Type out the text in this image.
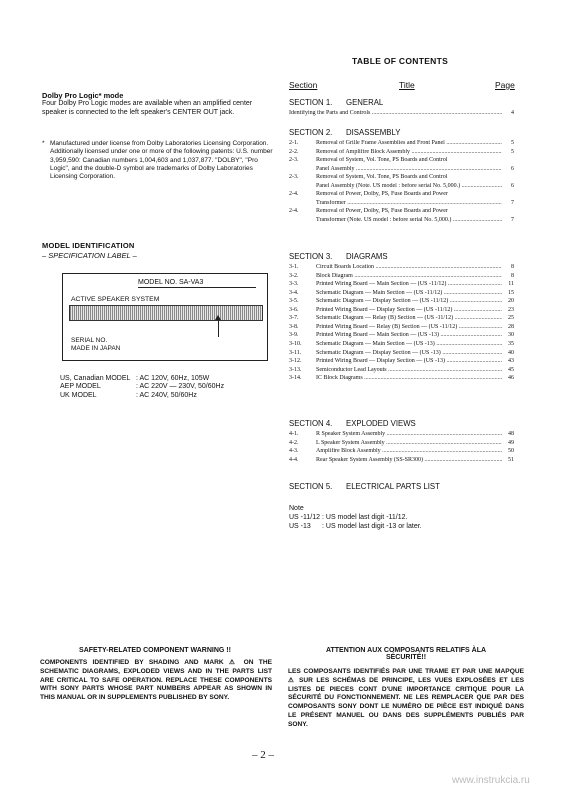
Dolby Pro Logic* mode
Four Dolby Pro Logic modes are available when an amplified center speaker is connected to the left speaker's CENTER OUT jack.
* Manufactured under license from Dolby Laboratories Licensing Corporation. Additionally licensed under one or more of the following patents: U.S. number 3,959,590: Canadian numbers 1,004,603 and 1,037,877. "DOLBY", "Pro Logic", and the double-D symbol are trademarks of Dolby Laboratories Licensing Corporation.
MODEL IDENTIFICATION
– SPECIFICATION LABEL –
MODEL NO. SA-VA3
ACTIVE SPEAKER SYSTEM
SERIAL NO.
MADE IN JAPAN
US, Canadian MODEL : AC 120V, 60Hz, 105W
AEP MODEL	: AC 220V — 230V, 50/60Hz
UK MODEL	: AC 240V, 50/60Hz
TABLE OF CONTENTS
Section	Title	Page
SECTION 1. GENERAL
Identifying the Parts and Controls .....	4
SECTION 2. DISASSEMBLY
2-1.	Removal of Grille Frame Assemblies and Front Panel .....	5
2-2.	Removal of Amplifire Block Assembly .....	5
2-3.	Removal of System, Vol. Tone, PS Boards and Control
Panel Assembly .....	6
2-3.	Removal of System, Vol. Tone, PS Boards and Control
Panel Assembly (Note. US model : before serial No. 5,000.) .....	6
2-4.	Removal of Power, Dolby, PS, Fuse Boards and Power
Transformer .....	7
2-4.	Removal of Power, Dolby, PS, Fuse Boards and Power
Transformer (Note. US model : before serial No. 5,000.) .....	7
SECTION 3. DIAGRAMS
3-1.	Circuit Boards Location .....	8
3-2.	Block Diagram .....	8
3-3.	Printed Wiring Board — Main Section — (US -11/12) .....	11
3-4.	Schematic Diagram — Main Section — (US -11/12) .....	15
3-5.	Schematic Diagram — Display Section — (US -11/12) .....	20
3-6.	Printed Wiring Board — Display Section — (US -11/12) .....	23
3-7.	Schematic Diagram — Relay (B) Section — (US -11/12) .....	25
3-8.	Printed Wiring Board — Relay (B) Section — (US -11/12) .....	28
3-9.	Printed Wiring Board — Main Section — (US -13) .....	30
3-10. Schematic Diagram — Main Section — (US -13) .....	35
3-11. Schematic Diagram — Display Section — (US -13) .....	40
3-12. Printed Wiring Board — Display Section — (US -13) .....	43
3-13. Semiconductor Lead Layouts .....	45
3-14. IC Block Diagrams .....	46
SECTION 4. EXPLODED VIEWS
4-1.	R Speaker System Assembly .....	48
4-2.	L Speaker System Assembly .....	49
4-3.	Amplifire Block Assembly .....	50
4-4.	Rear Speaker System Assembly (SS-SR300) .....	51
SECTION 5. ELECTRICAL PARTS LIST
Note
US -11/12 : US model last digit -11/12.
US -13	: US model last digit -13 or later.
SAFETY-RELATED COMPONENT WARNING !!
COMPONENTS IDENTIFIED BY SHADING AND MARK ⚠ ON THE SCHEMATIC DIAGRAMS, EXPLODED VIEWS AND IN THE PARTS LIST ARE CRITICAL TO SAFE OPERATION. REPLACE THESE COMPONENTS WITH SONY PARTS WHOSE PART NUMBERS APPEAR AS SHOWN IN THIS MANUAL OR IN SUPPLEMENTS PUBLISHED BY SONY.
ATTENTION AUX COMPOSANTS RELATIFS ÀLA
SÉCURITÉ!!
LES COMPOSANTS IDENTIFIÉS PAR UNE TRAME ET PAR UNE MAPQUE ⚠ SUR LES SCHÉMAS DE PRINCIPE, LES VUES EXPLOSÉES ET LES LISTES DE PIECES CONT D'UNE IMPORTANCE CRITIQUE POUR LA SÉCURITÉ DU FONCTIONNEMENT. NE LES REMPLACER QUE PAR DES COMPOSANTS SONY DONT LE NUMÉRO DE PIÈCE EST INDIQUÉ DANS LE PRÉSENT MANUEL OU DANS DES SUPPLÉMENTS PUBLIÉS PAR SONY.
– 2 –
www.instrukcia.ru
